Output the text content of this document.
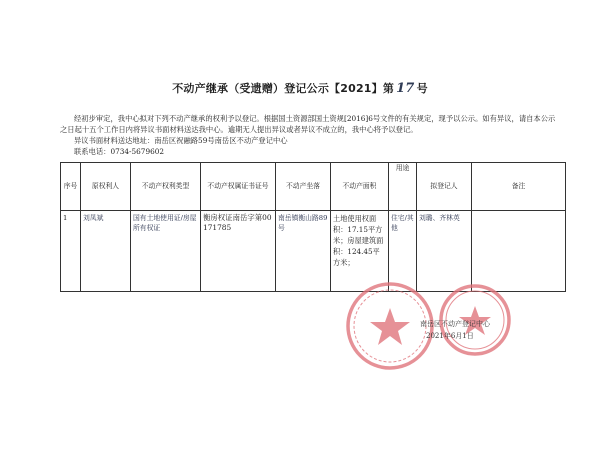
不动产继承（受遗赠）登记公示【2021】第 17 号

经初步审定，我中心拟对下列不动产继承的权利予以登记。根据国土资源部国土资规[2016]6号文件的有关规定，现予以公示。如有异议，请自本公示之日起十五个工作日内将异议书面材料送达我中心。逾期无人提出异议或者异议不成立的，我中心将予以登记。

异议书面材料送达地址：南岳区祝融路59号南岳区不动产登记中心

联系电话：0734-5679602

序号	原权利人	不动产权利类型	不动产权属证书证号	不动产坐落	不动产面积	用途	拟登记人	备注
1	刘凤斌	国有土地使用证/房屋所有权证	衡房权证南岳字第00171785	南岳镇衡山路89号	土地使用权面积：17.15平方米；房屋建筑面积：124.45平方米；	住宅/其他	刘璐、齐林英	
南岳区不动产登记中心
2021年6月1日
